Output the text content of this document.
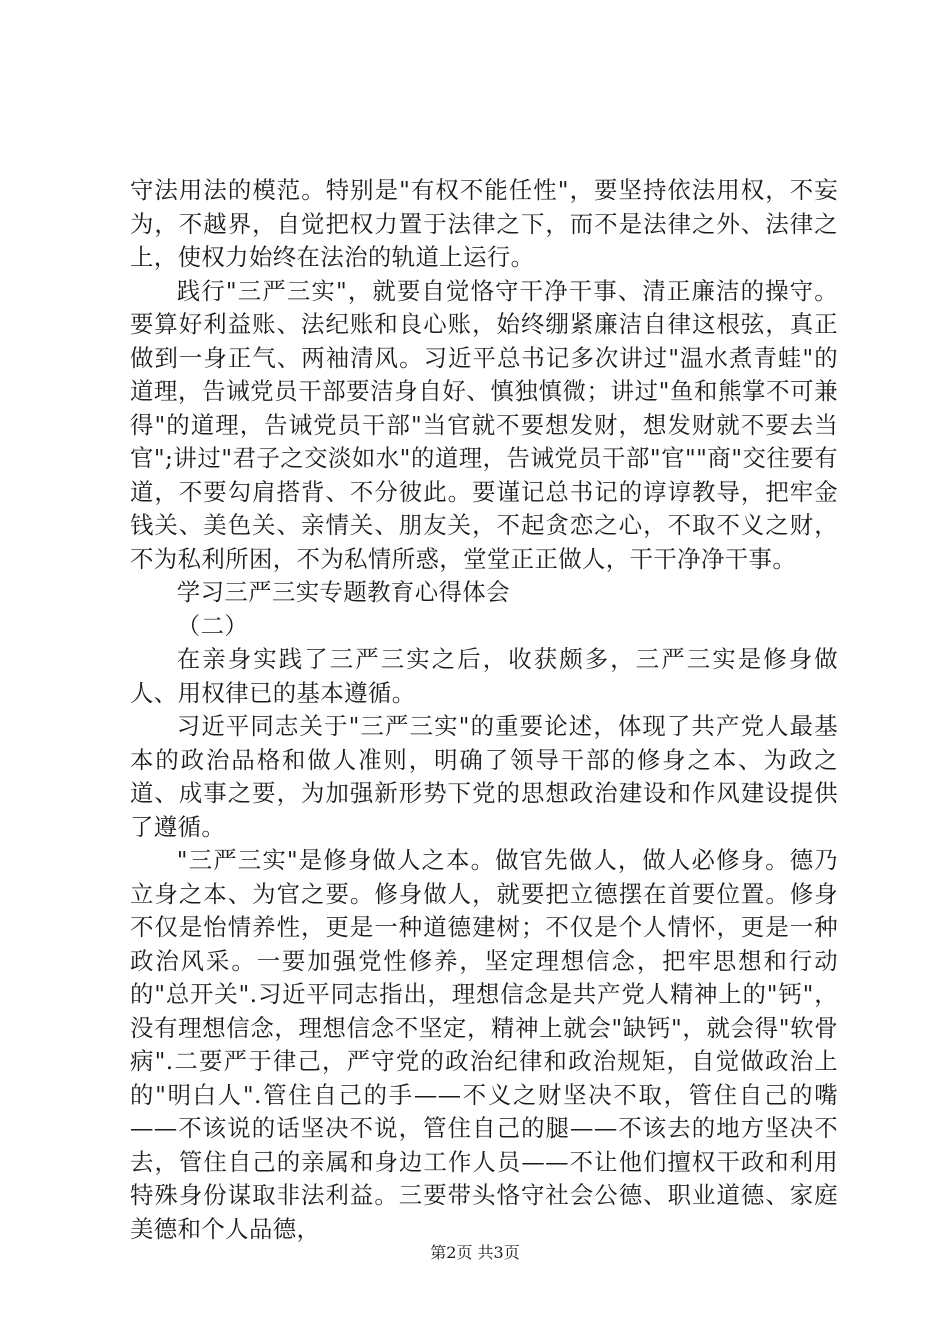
守法用法的模范。特别是"有权不能任性"，要坚持依法用权，不妄为，不越界，自觉把权力置于法律之下，而不是法律之外、法律之上，使权力始终在法治的轨道上运行。

践行"三严三实"，就要自觉恪守干净干事、清正廉洁的操守。要算好利益账、法纪账和良心账，始终绷紧廉洁自律这根弦，真正做到一身正气、两袖清风。习近平总书记多次讲过"温水煮青蛙"的道理，告诫党员干部要洁身自好、慎独慎微；讲过"鱼和熊掌不可兼得"的道理，告诫党员干部"当官就不要想发财，想发财就不要去当官";讲过"君子之交淡如水"的道理，告诫党员干部"官""商"交往要有道，不要勾肩搭背、不分彼此。要谨记总书记的谆谆教导，把牢金钱关、美色关、亲情关、朋友关，不起贪恋之心，不取不义之财，不为私利所困，不为私情所惑，堂堂正正做人，干干净净干事。

学习三严三实专题教育心得体会

（二）

在亲身实践了三严三实之后，收获颇多，三严三实是修身做人、用权律已的基本遵循。

习近平同志关于"三严三实"的重要论述，体现了共产党人最基本的政治品格和做人准则，明确了领导干部的修身之本、为政之道、成事之要，为加强新形势下党的思想政治建设和作风建设提供了遵循。

"三严三实"是修身做人之本。做官先做人，做人必修身。德乃立身之本、为官之要。修身做人，就要把立德摆在首要位置。修身不仅是怡情养性，更是一种道德建树；不仅是个人情怀，更是一种政治风采。一要加强党性修养，坚定理想信念，把牢思想和行动的"总开关".习近平同志指出，理想信念是共产党人精神上的"钙"，没有理想信念，理想信念不坚定，精神上就会"缺钙"，就会得"软骨病".二要严于律己，严守党的政治纪律和政治规矩，自觉做政治上的"明白人".管住自己的手——不义之财坚决不取，管住自己的嘴——不该说的话坚决不说，管住自己的腿——不该去的地方坚决不去，管住自己的亲属和身边工作人员——不让他们擅权干政和利用特殊身份谋取非法利益。三要带头恪守社会公德、职业道德、家庭美德和个人品德，

第2页 共3页
